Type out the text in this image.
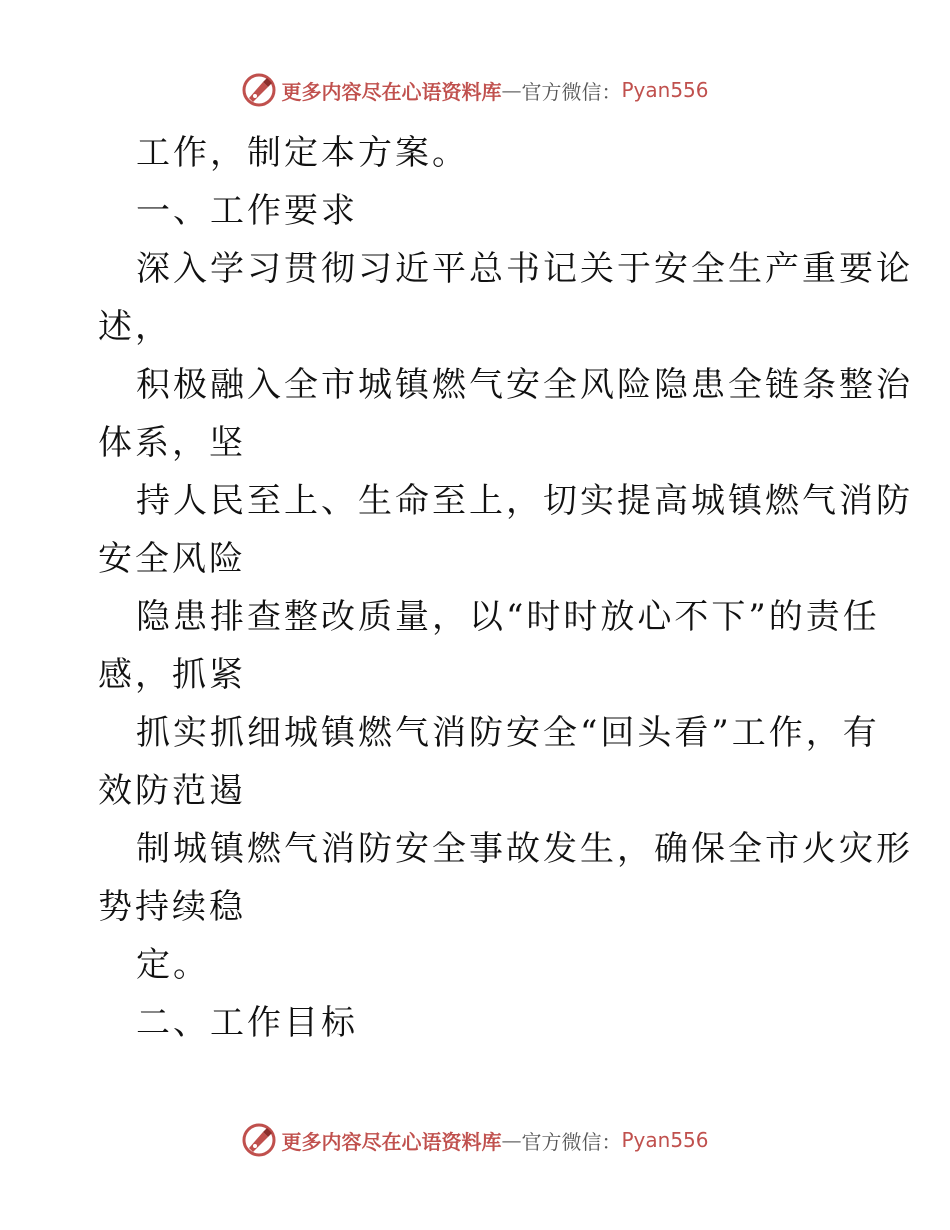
更多内容尽在心语资料库 — 官方微信： Pyan556
工作，制定本方案。
一、工作要求
深入学习贯彻习近平总书记关于安全生产重要论
述，
积极融入全市城镇燃气安全风险隐患全链条整治
体系，坚
持人民至上、生命至上，切实提高城镇燃气消防
安全风险
隐患排查整改质量，以“时时放心不下”的责任
感，抓紧
抓实抓细城镇燃气消防安全“回头看”工作，有
效防范遏
制城镇燃气消防安全事故发生，确保全市火灾形
势持续稳
定。
二、工作目标
更多内容尽在心语资料库 — 官方微信： Pyan556
